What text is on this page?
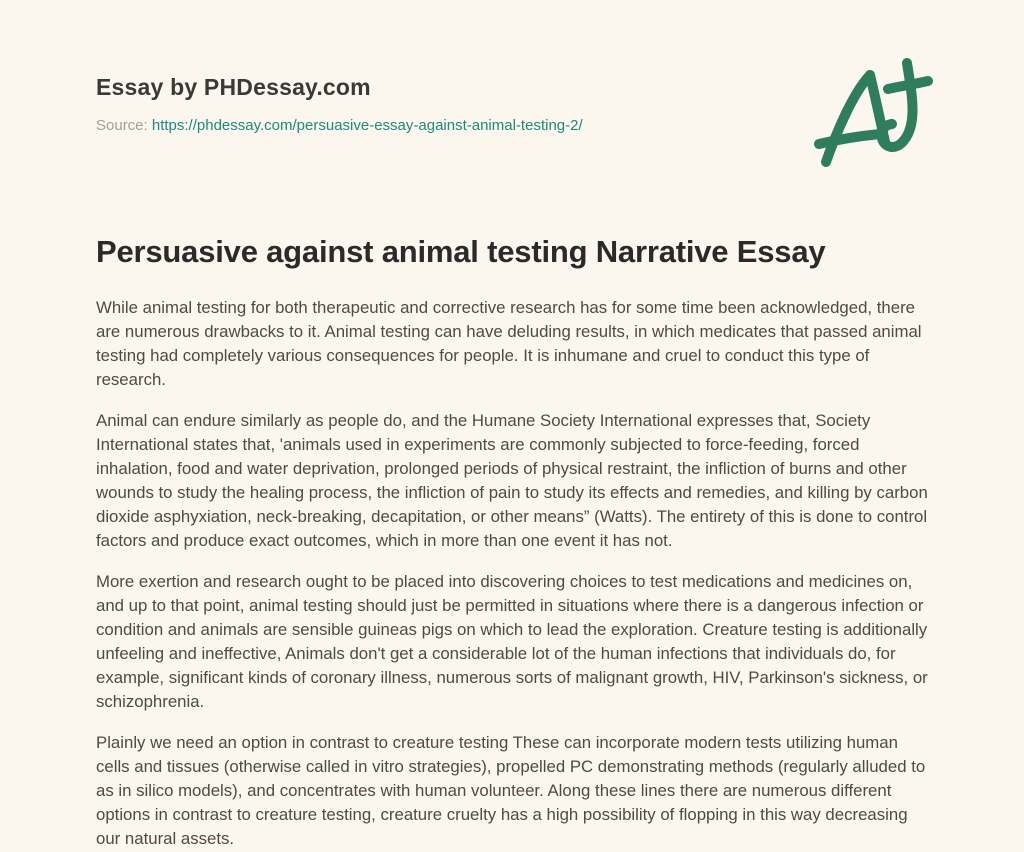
Essay by PHDessay.com
Source: https://phdessay.com/persuasive-essay-against-animal-testing-2/
Persuasive against animal testing Narrative Essay

While animal testing for both therapeutic and corrective research has for some time been acknowledged, there are numerous drawbacks to it. Animal testing can have deluding results, in which medicates that passed animal testing had completely various consequences for people. It is inhumane and cruel to conduct this type of research.

Animal can endure similarly as people do, and the Humane Society International expresses that, Society International states that, 'animals used in experiments are commonly subjected to force-feeding, forced inhalation, food and water deprivation, prolonged periods of physical restraint, the infliction of burns and other wounds to study the healing process, the infliction of pain to study its effects and remedies, and killing by carbon dioxide asphyxiation, neck-breaking, decapitation, or other means” (Watts). The entirety of this is done to control factors and produce exact outcomes, which in more than one event it has not.

More exertion and research ought to be placed into discovering choices to test medications and medicines on, and up to that point, animal testing should just be permitted in situations where there is a dangerous infection or condition and animals are sensible guineas pigs on which to lead the exploration. Creature testing is additionally unfeeling and ineffective, Animals don't get a considerable lot of the human infections that individuals do, for example, significant kinds of coronary illness, numerous sorts of malignant growth, HIV, Parkinson's sickness, or schizophrenia.

Plainly we need an option in contrast to creature testing These can incorporate modern tests utilizing human cells and tissues (otherwise called in vitro strategies), propelled PC demonstrating methods (regularly alluded to as in silico models), and concentrates with human volunteer. Along these lines there are numerous different options in contrast to creature testing, creature cruelty has a high possibility of flopping in this way decreasing our natural assets.
